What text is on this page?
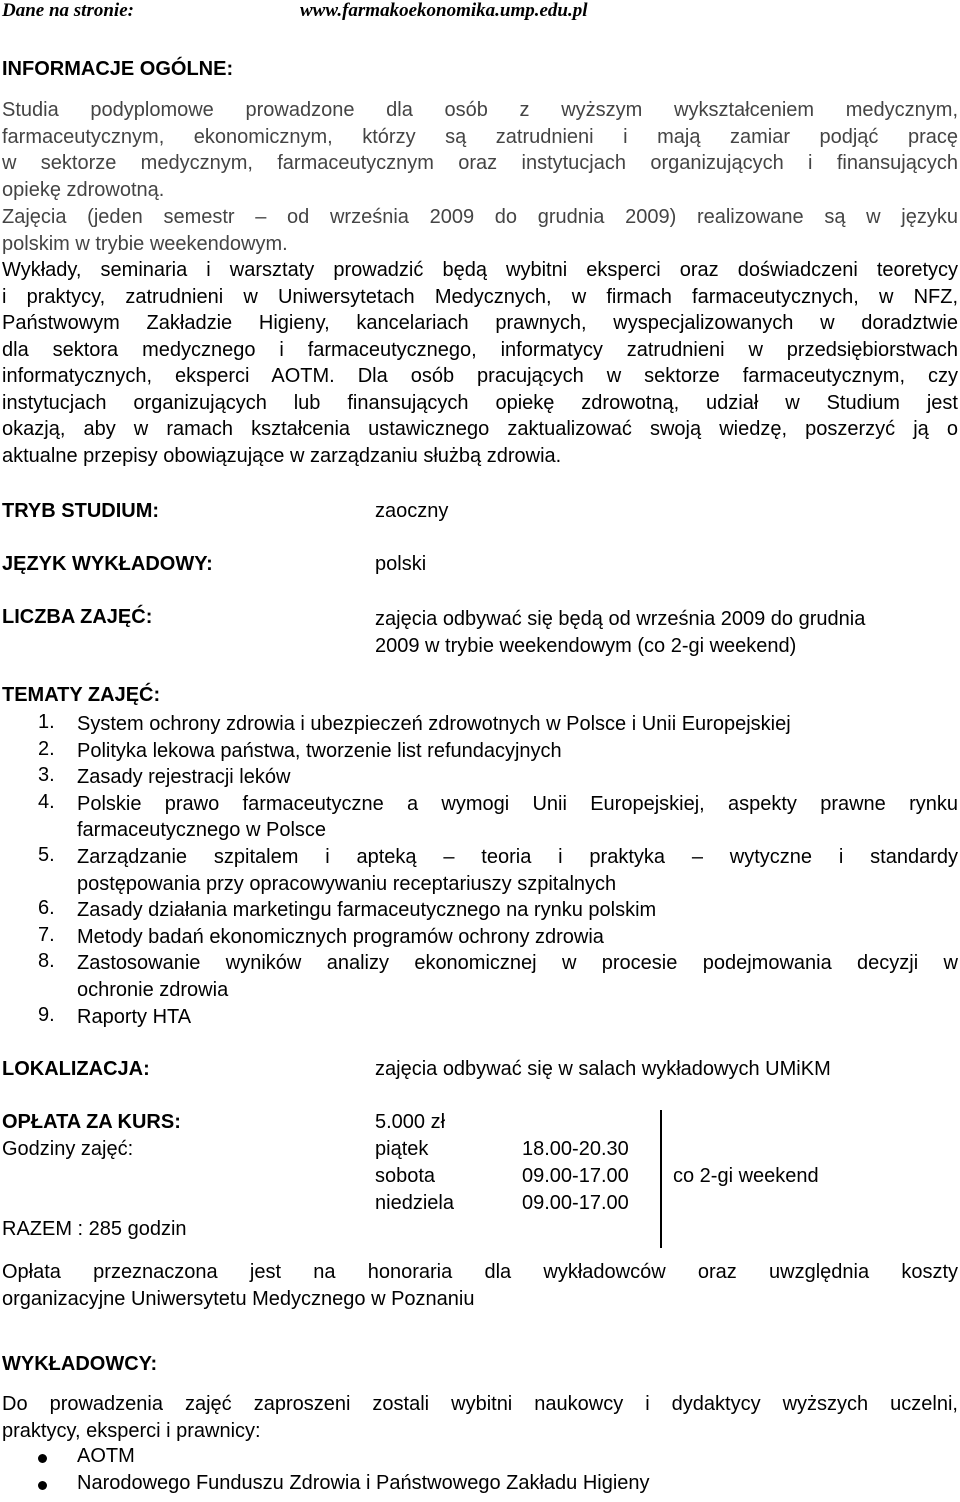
Dane na stronie:	www.farmakoekonomika.ump.edu.pl
INFORMACJE OGÓLNE:
Studia podyplomowe prowadzone dla osób z wyższym wykształceniem medycznym,
farmaceutycznym, ekonomicznym, którzy są zatrudnieni i mają zamiar podjąć pracę
w sektorze medycznym, farmaceutycznym oraz instytucjach organizujących i finansujących
opiekę zdrowotną.
Zajęcia (jeden semestr – od września 2009 do grudnia 2009) realizowane są w języku
polskim w trybie weekendowym.
Wykłady, seminaria i warsztaty prowadzić będą wybitni eksperci oraz doświadczeni teoretycy
i praktycy, zatrudnieni w Uniwersytetach Medycznych, w firmach farmaceutycznych, w NFZ,
Państwowym Zakładzie Higieny, kancelariach prawnych, wyspecjalizowanych w doradztwie
dla sektora medycznego i farmaceutycznego, informatycy zatrudnieni w przedsiębiorstwach
informatycznych, eksperci AOTM. Dla osób pracujących w sektorze farmaceutycznym, czy
instytucjach organizujących lub finansujących opiekę zdrowotną, udział w Studium jest
okazją, aby w ramach kształcenia ustawicznego zaktualizować swoją wiedzę, poszerzyć ją o
aktualne przepisy obowiązujące w zarządzaniu służbą zdrowia.
TRYB STUDIUM:	zaoczny
JĘZYK WYKŁADOWY:	polski
LICZBA ZAJĘĆ:	zajęcia odbywać się będą od września 2009 do grudnia
2009 w trybie weekendowym (co 2-gi weekend)
TEMATY ZAJĘĆ:
1. System ochrony zdrowia i ubezpieczeń zdrowotnych w Polsce i Unii Europejskiej
2. Polityka lekowa państwa, tworzenie list refundacyjnych
3. Zasady rejestracji leków
4. Polskie prawo farmaceutyczne a wymogi Unii Europejskiej, aspekty prawne rynku
farmaceutycznego w Polsce
5. Zarządzanie szpitalem i apteką – teoria i praktyka – wytyczne i standardy
postępowania przy opracowywaniu receptariuszy szpitalnych
6. Zasady działania marketingu farmaceutycznego na rynku polskim
7. Metody badań ekonomicznych programów ochrony zdrowia
8. Zastosowanie wyników analizy ekonomicznej w procesie podejmowania decyzji w
ochronie zdrowia
9. Raporty HTA
LOKALIZACJA:	zajęcia odbywać się w salach wykładowych UMiKM
OPŁATA ZA KURS:	5.000 zł
Godziny zajęć:	piątek	18.00-20.30
sobota	09.00-17.00
niedziela	09.00-17.00
co 2-gi weekend
RAZEM : 285 godzin
Opłata przeznaczona jest na honoraria dla wykładowców oraz uwzględnia koszty
organizacyjne Uniwersytetu Medycznego w Poznaniu
WYKŁADOWCY:
Do prowadzenia zajęć zaproszeni zostali wybitni naukowcy i dydaktycy wyższych uczelni,
praktycy, eksperci i prawnicy:
AOTM
Narodowego Funduszu Zdrowia i Państwowego Zakładu Higieny
